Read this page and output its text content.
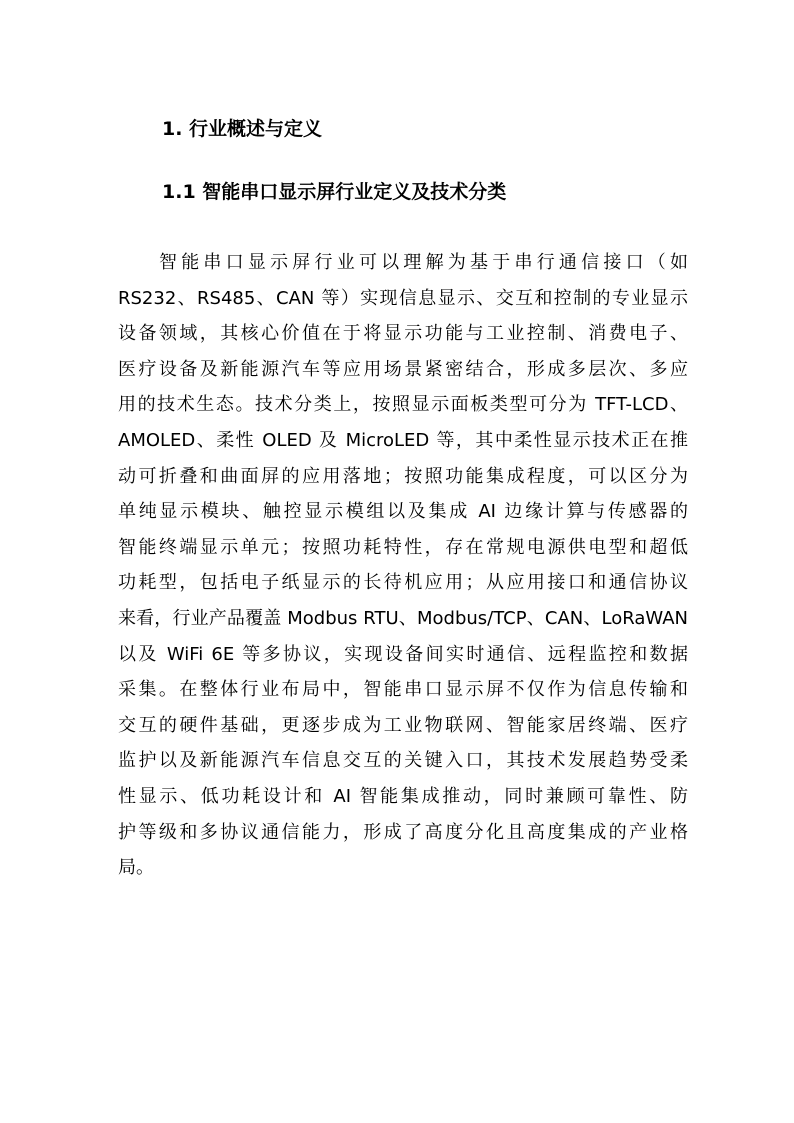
1. 行业概述与定义
1.1 智能串口显示屏行业定义及技术分类
智能串口显示屏行业可以理解为基于串行通信接口（如
RS232、RS485、CAN 等）实现信息显示、交互和控制的专业显示
设备领域，其核心价值在于将显示功能与工业控制、消费电子、
医疗设备及新能源汽车等应用场景紧密结合，形成多层次、多应
用的技术生态。技术分类上，按照显示面板类型可分为 TFT-LCD、
AMOLED、柔性 OLED 及 MicroLED 等，其中柔性显示技术正在推
动可折叠和曲面屏的应用落地；按照功能集成程度，可以区分为
单纯显示模块、触控显示模组以及集成 AI 边缘计算与传感器的
智能终端显示单元；按照功耗特性，存在常规电源供电型和超低
功耗型，包括电子纸显示的长待机应用；从应用接口和通信协议
来看，行业产品覆盖 Modbus RTU、Modbus/TCP、CAN、LoRaWAN
以及 WiFi 6E 等多协议，实现设备间实时通信、远程监控和数据
采集。在整体行业布局中，智能串口显示屏不仅作为信息传输和
交互的硬件基础，更逐步成为工业物联网、智能家居终端、医疗
监护以及新能源汽车信息交互的关键入口，其技术发展趋势受柔
性显示、低功耗设计和 AI 智能集成推动，同时兼顾可靠性、防
护等级和多协议通信能力，形成了高度分化且高度集成的产业格
局。
